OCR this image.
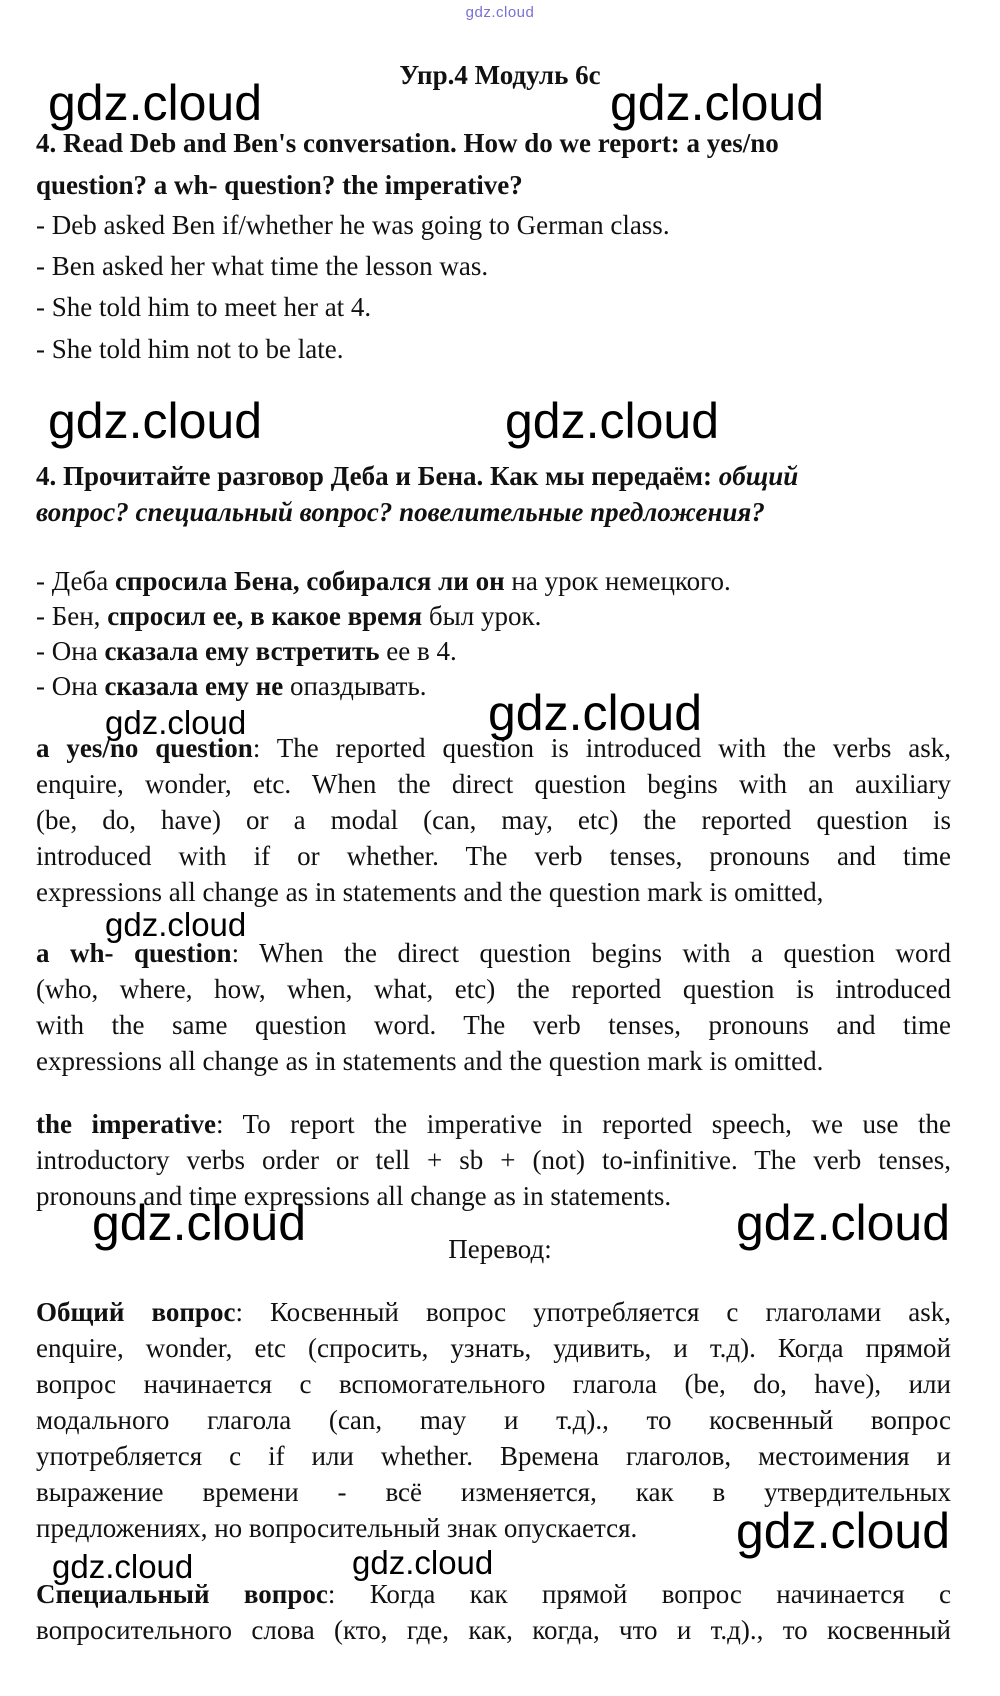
gdz.cloud
Упр.4 Модуль 6с
gdz.cloud	gdz.cloud
gdz.cloud	gdz.cloud
gdz.cloud
gdz.cloud	gdz.cloud
gdz.cloud
gdz.cloud
gdz.cloud
gdz.cloud	gdz.cloud
4. Read Deb and Ben's conversation. How do we report: a yes/no
question? a wh- question? the imperative?
- Deb asked Ben if/whether he was going to German class.
- Ben asked her what time the lesson was.
- She told him to meet her at 4.
- She told him not to be late.
4. Прочитайте разговор Деба и Бена. Как мы передаём: общий
вопрос? специальный вопрос? повелительные предложения?
- Деба спросила Бена, собирался ли он на урок немецкого.
- Бен, спросил ее, в какое время был урок.
- Она сказала ему встретить ее в 4.
- Она сказала ему не опаздывать.
a yes/no question: The reported question is introduced with the verbs ask,
enquire, wonder, etc. When the direct question begins with an auxiliary
(be, do, have) or a modal (can, may, etc) the reported question is
introduced with if or whether. The verb tenses, pronouns and time
expressions all change as in statements and the question mark is omitted,
a wh- question: When the direct question begins with a question word
(who, where, how, when, what, etc) the reported question is introduced
with the same question word. The verb tenses, pronouns and time
expressions all change as in statements and the question mark is omitted.
the imperative: To report the imperative in reported speech, we use the
introductory verbs order or tell + sb + (not) to-infinitive. The verb tenses,
pronouns and time expressions all change as in statements.
Перевод:
Общий вопрос: Косвенный вопрос употребляется с глаголами ask,
enquire, wonder, etc (спросить, узнать, удивить, и т.д). Когда прямой
вопрос начинается с вспомогательного глагола (be, do, have), или
модального глагола (can, may и т.д)., то косвенный вопрос
употребляется с if или whether. Времена глаголов, местоимения и
выражение времени - всё изменяется, как в утвердительных
предложениях, но вопросительный знак опускается.
Специальный вопрос: Когда как прямой вопрос начинается с
вопросительного слова (кто, где, как, когда, что и т.д)., то косвенный
